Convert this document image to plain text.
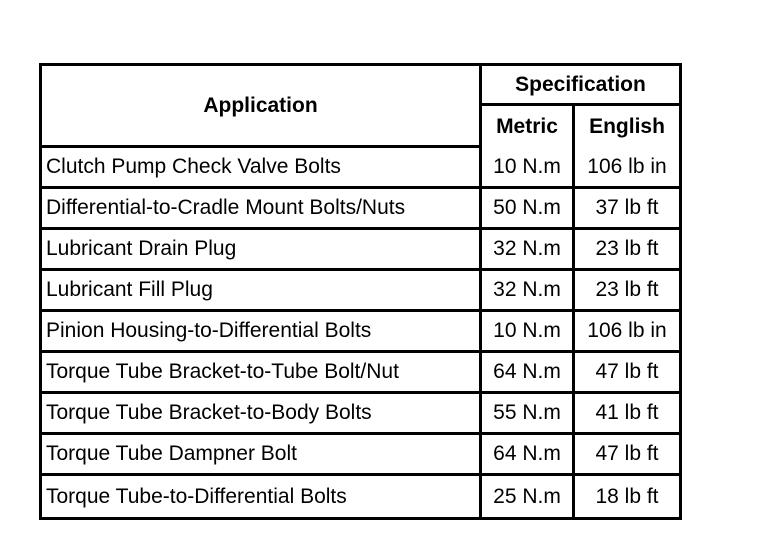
Application	Specification	
	Metric	English
Clutch Pump Check Valve Bolts	10 N.m	106 lb in
Differential-to-Cradle Mount Bolts/Nuts	50 N.m	37 lb ft
Lubricant Drain Plug	32 N.m	23 lb ft
Lubricant Fill Plug	32 N.m	23 lb ft
Pinion Housing-to-Differential Bolts	10 N.m	106 lb in
Torque Tube Bracket-to-Tube Bolt/Nut	64 N.m	47 lb ft
Torque Tube Bracket-to-Body Bolts	55 N.m	41 lb ft
Torque Tube Dampner Bolt	64 N.m	47 lb ft
Torque Tube-to-Differential Bolts	25 N.m	18 lb ft
